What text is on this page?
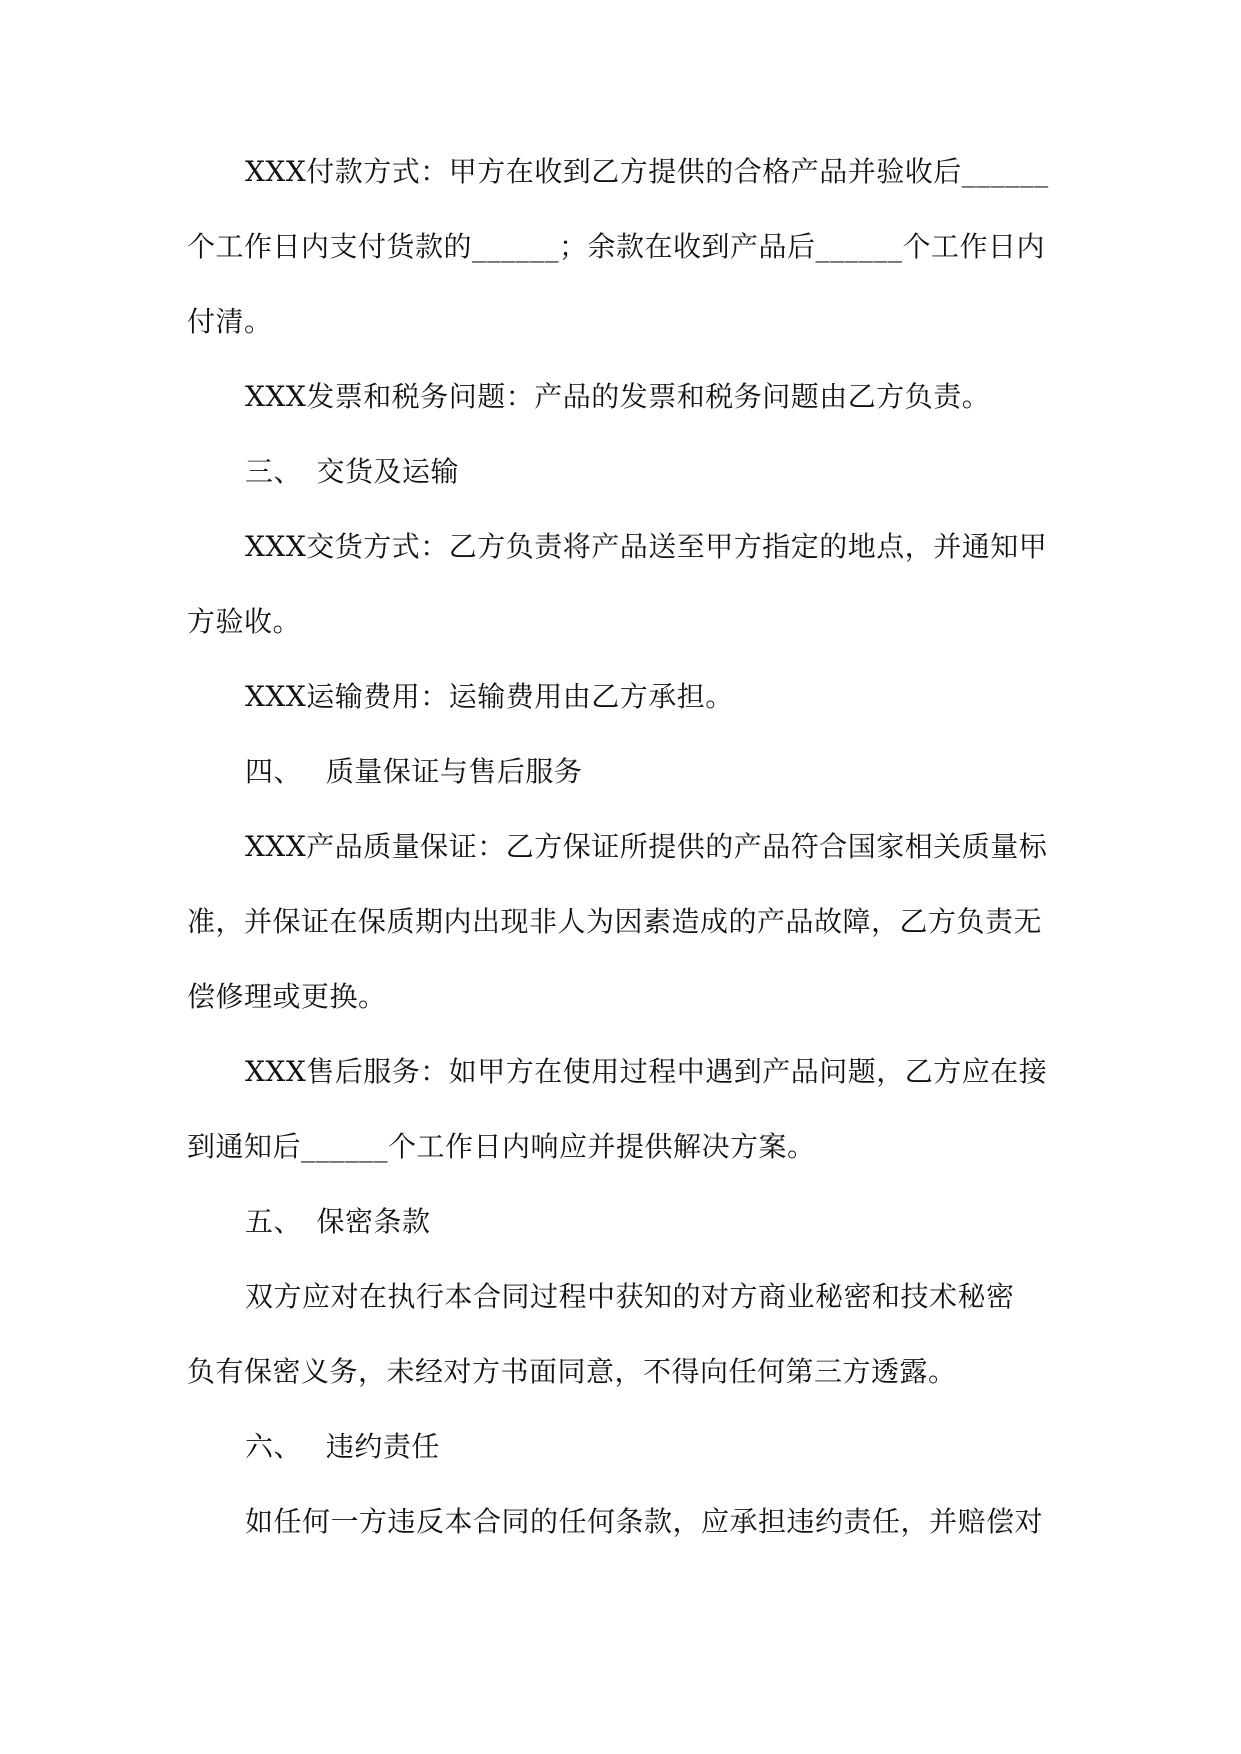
XXX付款方式：甲方在收到乙方提供的合格产品并验收后______
个工作日内支付货款的______；余款在收到产品后______个工作日内
付清。
XXX发票和税务问题：产品的发票和税务问题由乙方负责。
三、　交货及运输
XXX交货方式：乙方负责将产品送至甲方指定的地点，并通知甲
方验收。
XXX运输费用：运输费用由乙方承担。
四、　 质量保证与售后服务
XXX产品质量保证：乙方保证所提供的产品符合国家相关质量标
准，并保证在保质期内出现非人为因素造成的产品故障，乙方负责无
偿修理或更换。
XXX售后服务：如甲方在使用过程中遇到产品问题，乙方应在接
到通知后______个工作日内响应并提供解决方案。
五、　保密条款
双方应对在执行本合同过程中获知的对方商业秘密和技术秘密
负有保密义务，未经对方书面同意，不得向任何第三方透露。
六、　 违约责任
如任何一方违反本合同的任何条款，应承担违约责任，并赔偿对
